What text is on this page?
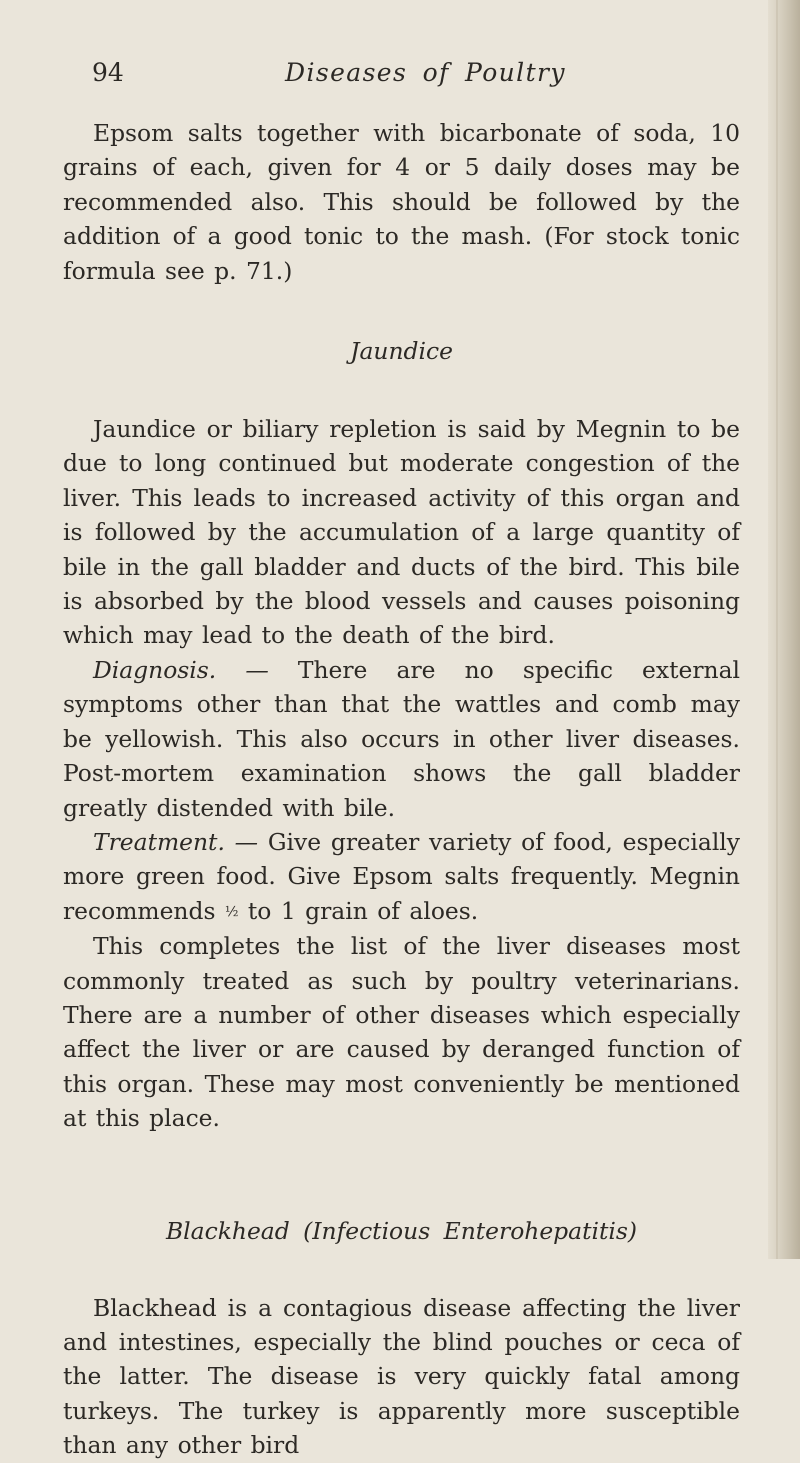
94	Diseases of Poultry

Epsom salts together with bicarbonate of soda, 10 grains of each, given for 4 or 5 daily doses may be recommended also. This should be followed by the addition of a good tonic to the mash. (For stock tonic formula see p. 71.)

Jaundice

Jaundice or biliary repletion is said by Megnin to be due to long continued but moderate congestion of the liver. This leads to increased activity of this organ and is followed by the accumulation of a large quantity of bile in the gall bladder and ducts of the bird. This bile is absorbed by the blood vessels and causes poisoning which may lead to the death of the bird.

Diagnosis. — There are no specific external symptoms other than that the wattles and comb may be yellowish. This also occurs in other liver diseases. Post-mortem examination shows the gall bladder greatly distended with bile.

Treatment. — Give greater variety of food, especially more green food. Give Epsom salts frequently. Megnin recommends ½ to 1 grain of aloes.

This completes the list of the liver diseases most commonly treated as such by poultry veterinarians. There are a number of other diseases which especially affect the liver or are caused by deranged function of this organ. These may most conveniently be mentioned at this place.

Blackhead (Infectious Enterohepatitis)

Blackhead is a contagious disease affecting the liver and intestines, especially the blind pouches or ceca of the latter. The disease is very quickly fatal among turkeys. The turkey is apparently more susceptible than any other bird
